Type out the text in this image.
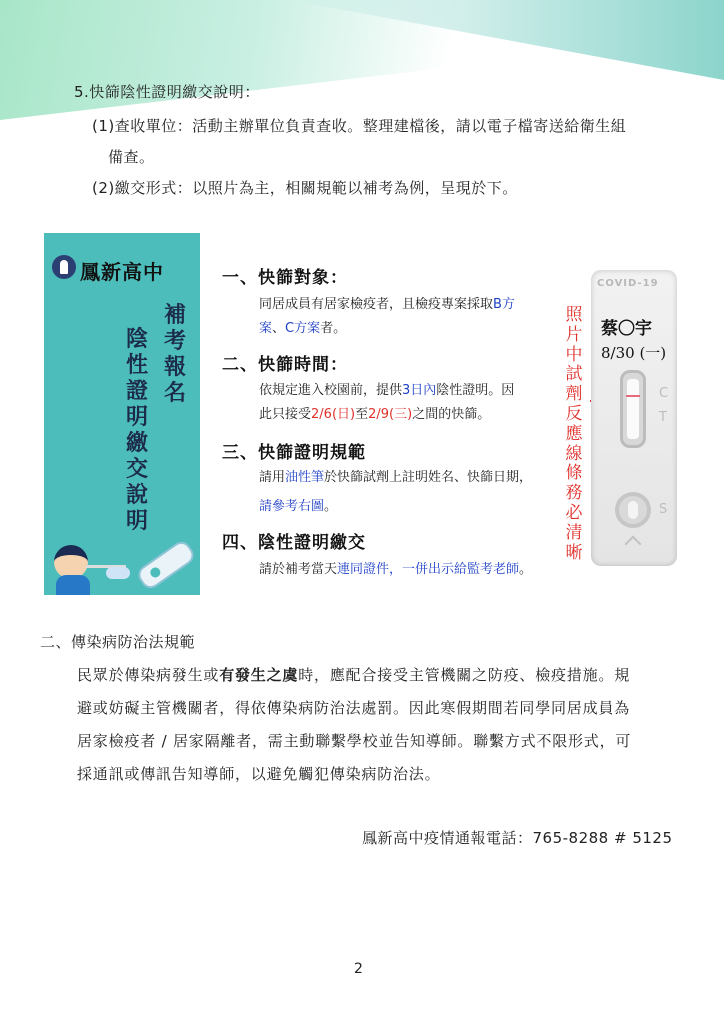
5.快篩陰性證明繳交說明：
(1)查收單位：活動主辦單位負責查收。整理建檔後，請以電子檔寄送給衛生組
備查。
(2)繳交形式：以照片為主，相關規範以補考為例，呈現於下。
鳳新高中
補考報名
陰性證明繳交說明
一、快篩對象：
同居成員有居家檢疫者，且檢疫專案採取B方
案、C方案者。
二、快篩時間：
依規定進入校園前，提供3日內陰性證明。因
此只接受2/6(日)至2/9(三)之間的快篩。
三、快篩證明規範
請用油性筆於快篩試劑上註明姓名、快篩日期，
請參考右圖。
四、陰性證明繳交
請於補考當天連同證件，一併出示給監考老師。
照片中試劑反應線條務必清晰
COVID-19
蔡〇宇
8/30 (一)
C
T
S
二、傳染病防治法規範
民眾於傳染病發生或有發生之虞時，應配合接受主管機關之防疫、檢疫措施。規
避或妨礙主管機關者，得依傳染病防治法處罰。因此寒假期間若同學同居成員為
居家檢疫者 / 居家隔離者，需主動聯繫學校並告知導師。聯繫方式不限形式，可
採通訊或傳訊告知導師，以避免觸犯傳染病防治法。
鳳新高中疫情通報電話：765-8288 # 5125
2
